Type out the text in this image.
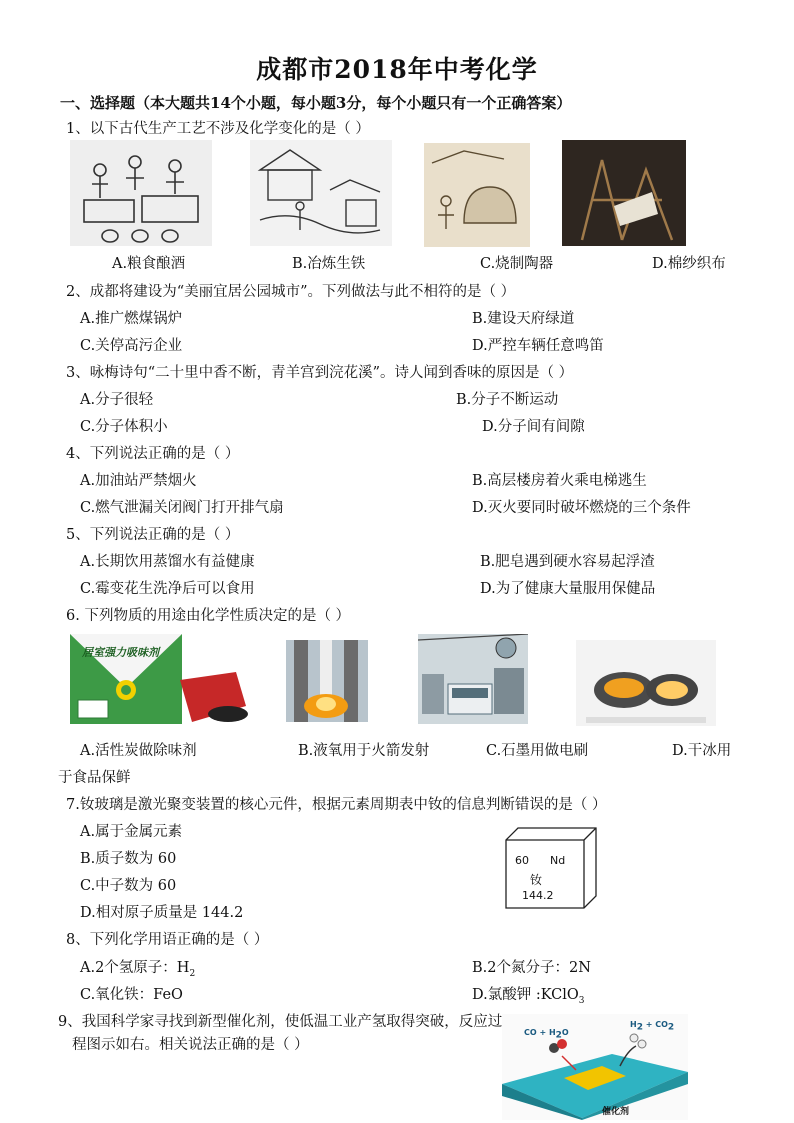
成都市2018年中考化学
一、选择题（本大题共14个小题，每小题3分，每个小题只有一个正确答案）
1、以下古代生产工艺不涉及化学变化的是（ ）
A.粮食酿酒	B.冶炼生铁	C.烧制陶器	D.棉纱织布
2、成都将建设为“美丽宜居公园城市”。下列做法与此不相符的是（ ）
A.推广燃煤锅炉	B.建设天府绿道
C.关停高污企业	D.严控车辆任意鸣笛
3、咏梅诗句“二十里中香不断，青羊宫到浣花溪”。诗人闻到香味的原因是（ ）
A.分子很轻	B.分子不断运动
C.分子体积小	D.分子间有间隙
4、下列说法正确的是（ ）
A.加油站严禁烟火	B.高层楼房着火乘电梯逃生
C.燃气泄漏关闭阀门打开排气扇	D.灭火要同时破坏燃烧的三个条件
5、下列说法正确的是（ ）
A.长期饮用蒸馏水有益健康	B.肥皂遇到硬水容易起浮渣
C.霉变花生洗净后可以食用	D.为了健康大量服用保健品
6. 下列物质的用途由化学性质决定的是（ ）
居室强力吸味剂
A.活性炭做除味剂	B.液氧用于火箭发射	C.石墨用做电刷	D.干冰用
于食品保鲜
7.钕玻璃是激光聚变装置的核心元件，根据元素周期表中钕的信息判断错误的是（ ）
A.属于金属元素
B.质子数为 60
C.中子数为 60
D.相对原子质量是 144.2
60 Nd
钕
144.2
8、下列化学用语正确的是（ ）
A.2个氢原子：$H_2$	B.2个氮分子：2N
C.氧化铁：FeO	D.氯酸钾 :KClO$_3$
9、我国科学家寻找到新型催化剂，使低温工业产氢取得突破，反应过
程图示如右。相关说法正确的是（ ）
CO + $H_2O$
$H_2 + CO_2$
催化剂
